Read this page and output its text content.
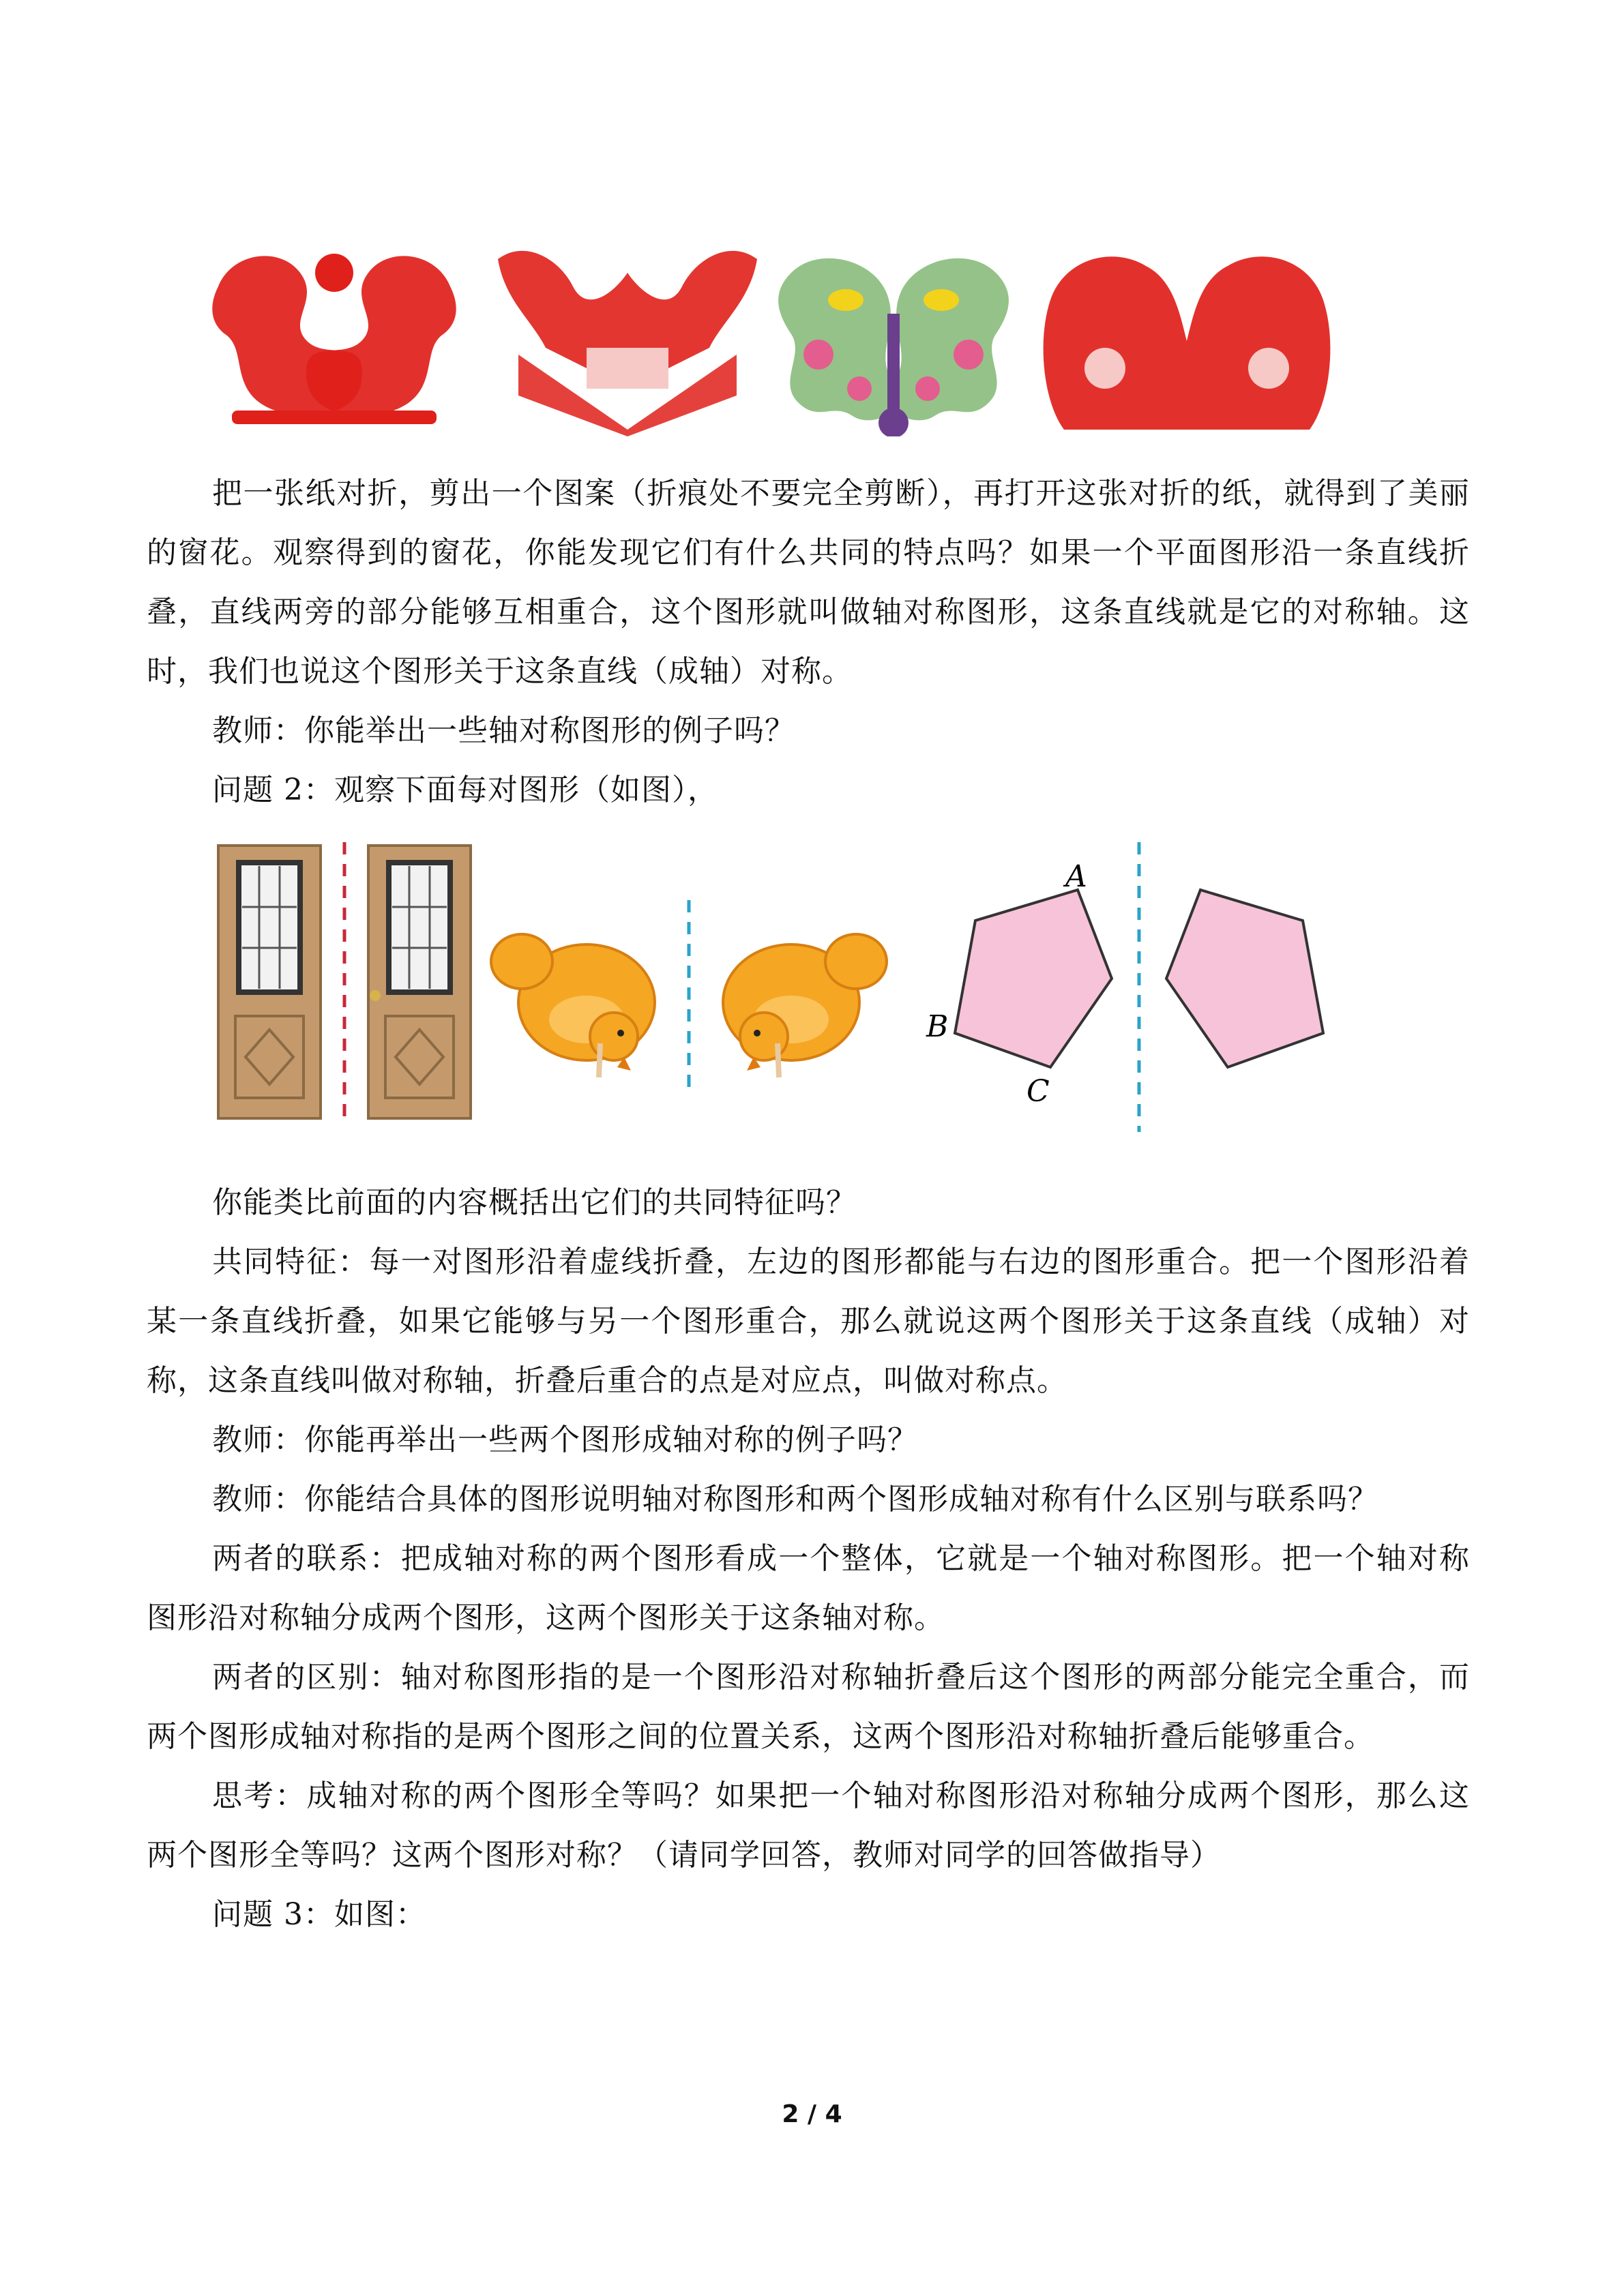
把一张纸对折，剪出一个图案（折痕处不要完全剪断），再打开这张对折的纸，就得到了美丽的窗花。观察得到的窗花，你能发现它们有什么共同的特点吗？如果一个平面图形沿一条直线折叠，直线两旁的部分能够互相重合，这个图形就叫做轴对称图形，这条直线就是它的对称轴。这时，我们也说这个图形关于这条直线（成轴）对称。

教师：你能举出一些轴对称图形的例子吗？

问题 2：观察下面每对图形（如图），

A
B
C

你能类比前面的内容概括出它们的共同特征吗？

共同特征：每一对图形沿着虚线折叠，左边的图形都能与右边的图形重合。把一个图形沿着某一条直线折叠，如果它能够与另一个图形重合，那么就说这两个图形关于这条直线（成轴）对称，这条直线叫做对称轴，折叠后重合的点是对应点，叫做对称点。

教师：你能再举出一些两个图形成轴对称的例子吗？

教师：你能结合具体的图形说明轴对称图形和两个图形成轴对称有什么区别与联系吗？

两者的联系：把成轴对称的两个图形看成一个整体，它就是一个轴对称图形。把一个轴对称图形沿对称轴分成两个图形，这两个图形关于这条轴对称。

两者的区别：轴对称图形指的是一个图形沿对称轴折叠后这个图形的两部分能完全重合，而两个图形成轴对称指的是两个图形之间的位置关系，这两个图形沿对称轴折叠后能够重合。

思考：成轴对称的两个图形全等吗？如果把一个轴对称图形沿对称轴分成两个图形，那么这两个图形全等吗？这两个图形对称？（请同学回答，教师对同学的回答做指导）

问题 3：如图：

2 / 4
